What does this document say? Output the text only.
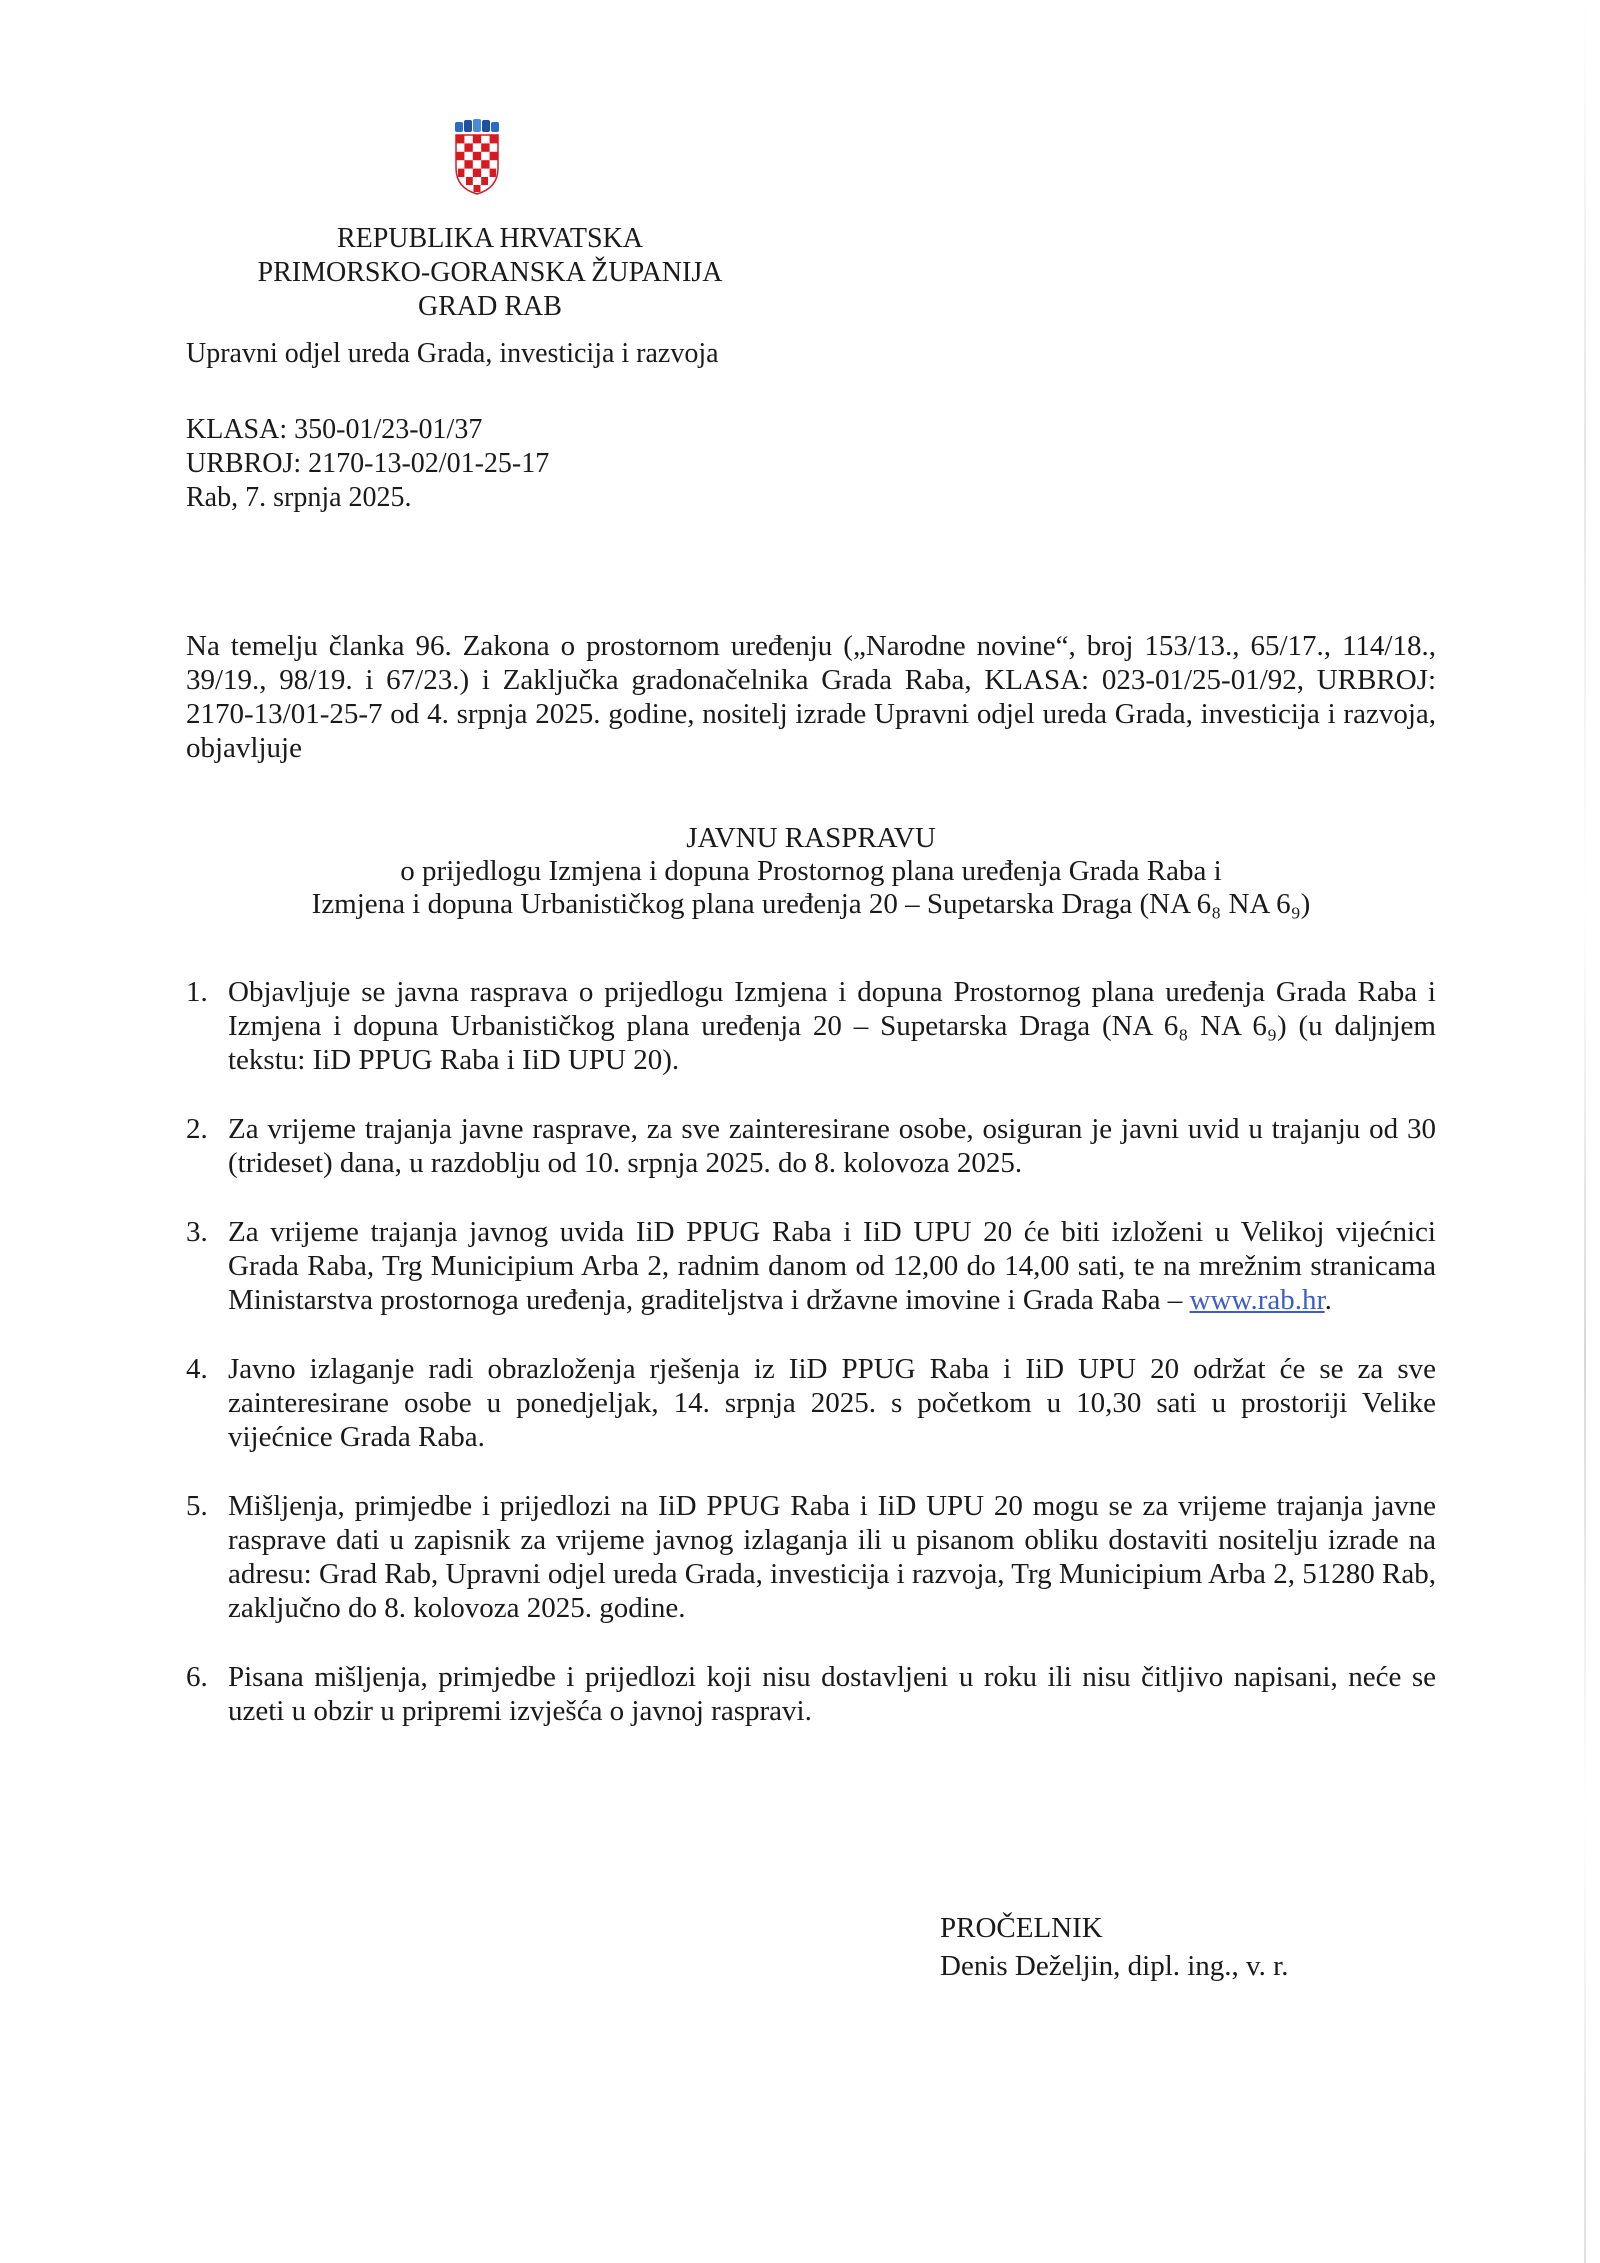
REPUBLIKA HRVATSKA
PRIMORSKO-GORANSKA ŽUPANIJA
GRAD RAB
Upravni odjel ureda Grada, investicija i razvoja
KLASA: 350-01/23-01/37
URBROJ: 2170-13-02/01-25-17
Rab, 7. srpnja 2025.
Na temelju članka 96. Zakona o prostornom uređenju („Narodne novine“, broj 153/13., 65/17., 114/18., 39/19., 98/19. i 67/23.) i Zaključka gradonačelnika Grada Raba, KLASA: 023-01/25-01/92, URBROJ: 2170-13/01-25-7 od 4. srpnja 2025. godine, nositelj izrade Upravni odjel ureda Grada, investicija i razvoja, objavljuje
JAVNU RASPRAVU
o prijedlogu Izmjena i dopuna Prostornog plana uređenja Grada Raba i
Izmjena i dopuna Urbanističkog plana uređenja 20 – Supetarska Draga (NA 6₈ NA 6₉)
1. Objavljuje se javna rasprava o prijedlogu Izmjena i dopuna Prostornog plana uređenja Grada Raba i Izmjena i dopuna Urbanističkog plana uređenja 20 – Supetarska Draga (NA 6₈ NA 6₉) (u daljnjem tekstu: IiD PPUG Raba i IiD UPU 20).
2. Za vrijeme trajanja javne rasprave, za sve zainteresirane osobe, osiguran je javni uvid u trajanju od 30 (trideset) dana, u razdoblju od 10. srpnja 2025. do 8. kolovoza 2025.
3. Za vrijeme trajanja javnog uvida IiD PPUG Raba i IiD UPU 20 će biti izloženi u Velikoj vijećnici Grada Raba, Trg Municipium Arba 2, radnim danom od 12,00 do 14,00 sati, te na mrežnim stranicama Ministarstva prostornoga uređenja, graditeljstva i državne imovine i Grada Raba – www.rab.hr.
4. Javno izlaganje radi obrazloženja rješenja iz IiD PPUG Raba i IiD UPU 20 održat će se za sve zainteresirane osobe u ponedjeljak, 14. srpnja 2025. s početkom u 10,30 sati u prostoriji Velike vijećnice Grada Raba.
5. Mišljenja, primjedbe i prijedlozi na IiD PPUG Raba i IiD UPU 20 mogu se za vrijeme trajanja javne rasprave dati u zapisnik za vrijeme javnog izlaganja ili u pisanom obliku dostaviti nositelju izrade na adresu: Grad Rab, Upravni odjel ureda Grada, investicija i razvoja, Trg Municipium Arba 2, 51280 Rab, zaključno do 8. kolovoza 2025. godine.
6. Pisana mišljenja, primjedbe i prijedlozi koji nisu dostavljeni u roku ili nisu čitljivo napisani, neće se uzeti u obzir u pripremi izvješća o javnoj raspravi.
PROČELNIK
Denis Deželjin, dipl. ing., v. r.
